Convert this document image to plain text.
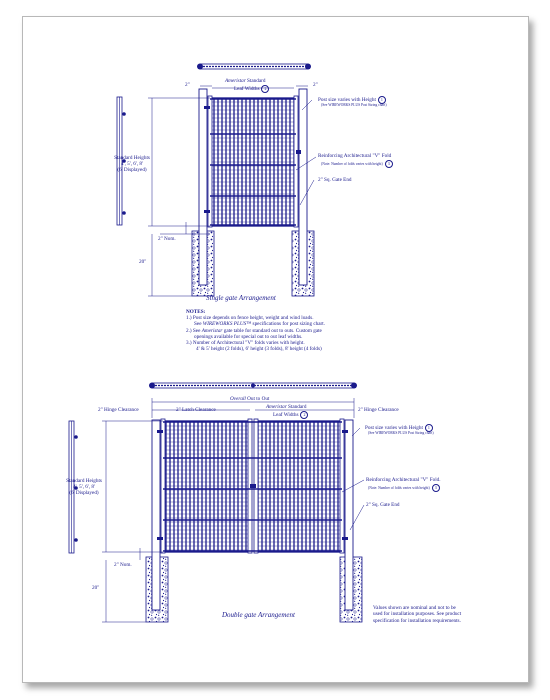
2"	2"
Ameristar Standard
Leaf Widths 2
Post size varies with Height 1
(See WIREWORKS PLUS Post Sizing chart)
Reinforcing Architectural "V" Fold
(Note: Number of folds varies with height) 3
2" Sq. Gate End
Standard Heights
4', 5', 6', 8'
(6' Displayed)
2" Nom.
20"
Single gate Arrangement
NOTES:
1.) Post size depends on fence height, weight and wind loads.
See WIREWORKS PLUS™ specifications for post sizing chart.
2.) See Ameristar gate table for standard out to outs. Custom gate
openings available for special out to out leaf widths.
3.) Number of Architectural "V" folds varies with height.
4' & 5' height (2 folds), 6' height (3 folds), 8' height (4 folds)
Overall Out to Out
2" Hinge Clearance	2" Latch Clearance	Ameristar Standard
Leaf Widths 2
2" Hinge Clearance
Post size varies with Height 1
(See WIREWORKS PLUS Post Sizing chart)
Reinforcing Architectural "V" Fold.
(Note: Number of folds varies with height) 3
2" Sq. Gate End
Standard Heights
4', 5', 6', 8'
(6' Displayed)
2" Nom.
20"
Double gate Arrangement
Values shown are nominal and not to be
used for installation purposes. See product
specification for installation requirements.
